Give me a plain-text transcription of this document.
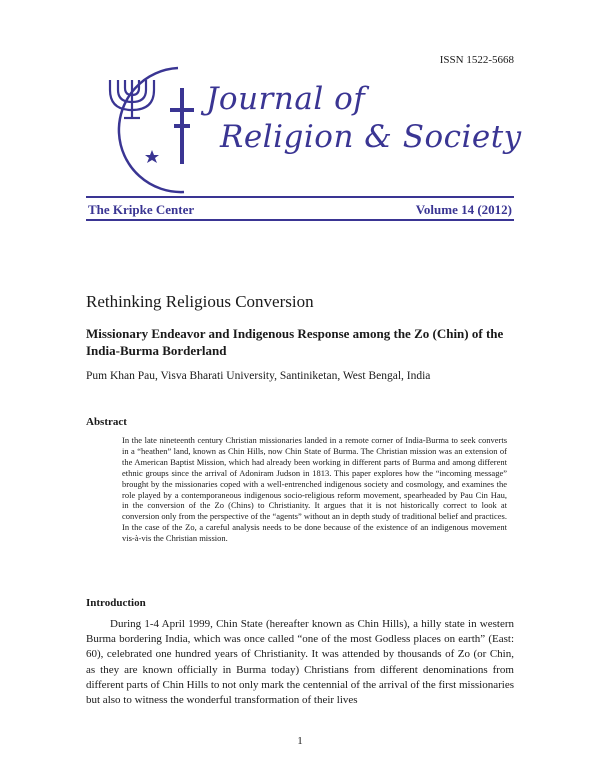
ISSN 1522-5668
Journal of
Religion & Society
The Kripke Center	Volume 14 (2012)
Rethinking Religious Conversion
Missionary Endeavor and Indigenous Response among the Zo (Chin) of the India-Burma Borderland
Pum Khan Pau, Visva Bharati University, Santiniketan, West Bengal, India
Abstract
In the late nineteenth century Christian missionaries landed in a remote corner of India-Burma to seek converts in a “heathen” land, known as Chin Hills, now Chin State of Burma. The Christian mission was an extension of the American Baptist Mission, which had already been working in different parts of Burma and among different ethnic groups since the arrival of Adoniram Judson in 1813. This paper explores how the “incoming message” brought by the missionaries coped with a well-entrenched indigenous society and cosmology, and examines the role played by a contemporaneous indigenous socio-religious reform movement, spearheaded by Pau Cin Hau, in the conversion of the Zo (Chins) to Christianity. It argues that it is not historically correct to look at conversion only from the perspective of the “agents” without an in depth study of traditional belief and practices. In the case of the Zo, a careful analysis needs to be done because of the existence of an indigenous movement vis-à-vis the Christian mission.
Introduction
During 1-4 April 1999, Chin State (hereafter known as Chin Hills), a hilly state in western Burma bordering India, which was once called “one of the most Godless places on earth” (East: 60), celebrated one hundred years of Christianity. It was attended by thousands of Zo (or Chin, as they are known officially in Burma today) Christians from different denominations from different parts of Chin Hills to not only mark the centennial of the arrival of the first missionaries but also to witness the wonderful transformation of their lives
1
